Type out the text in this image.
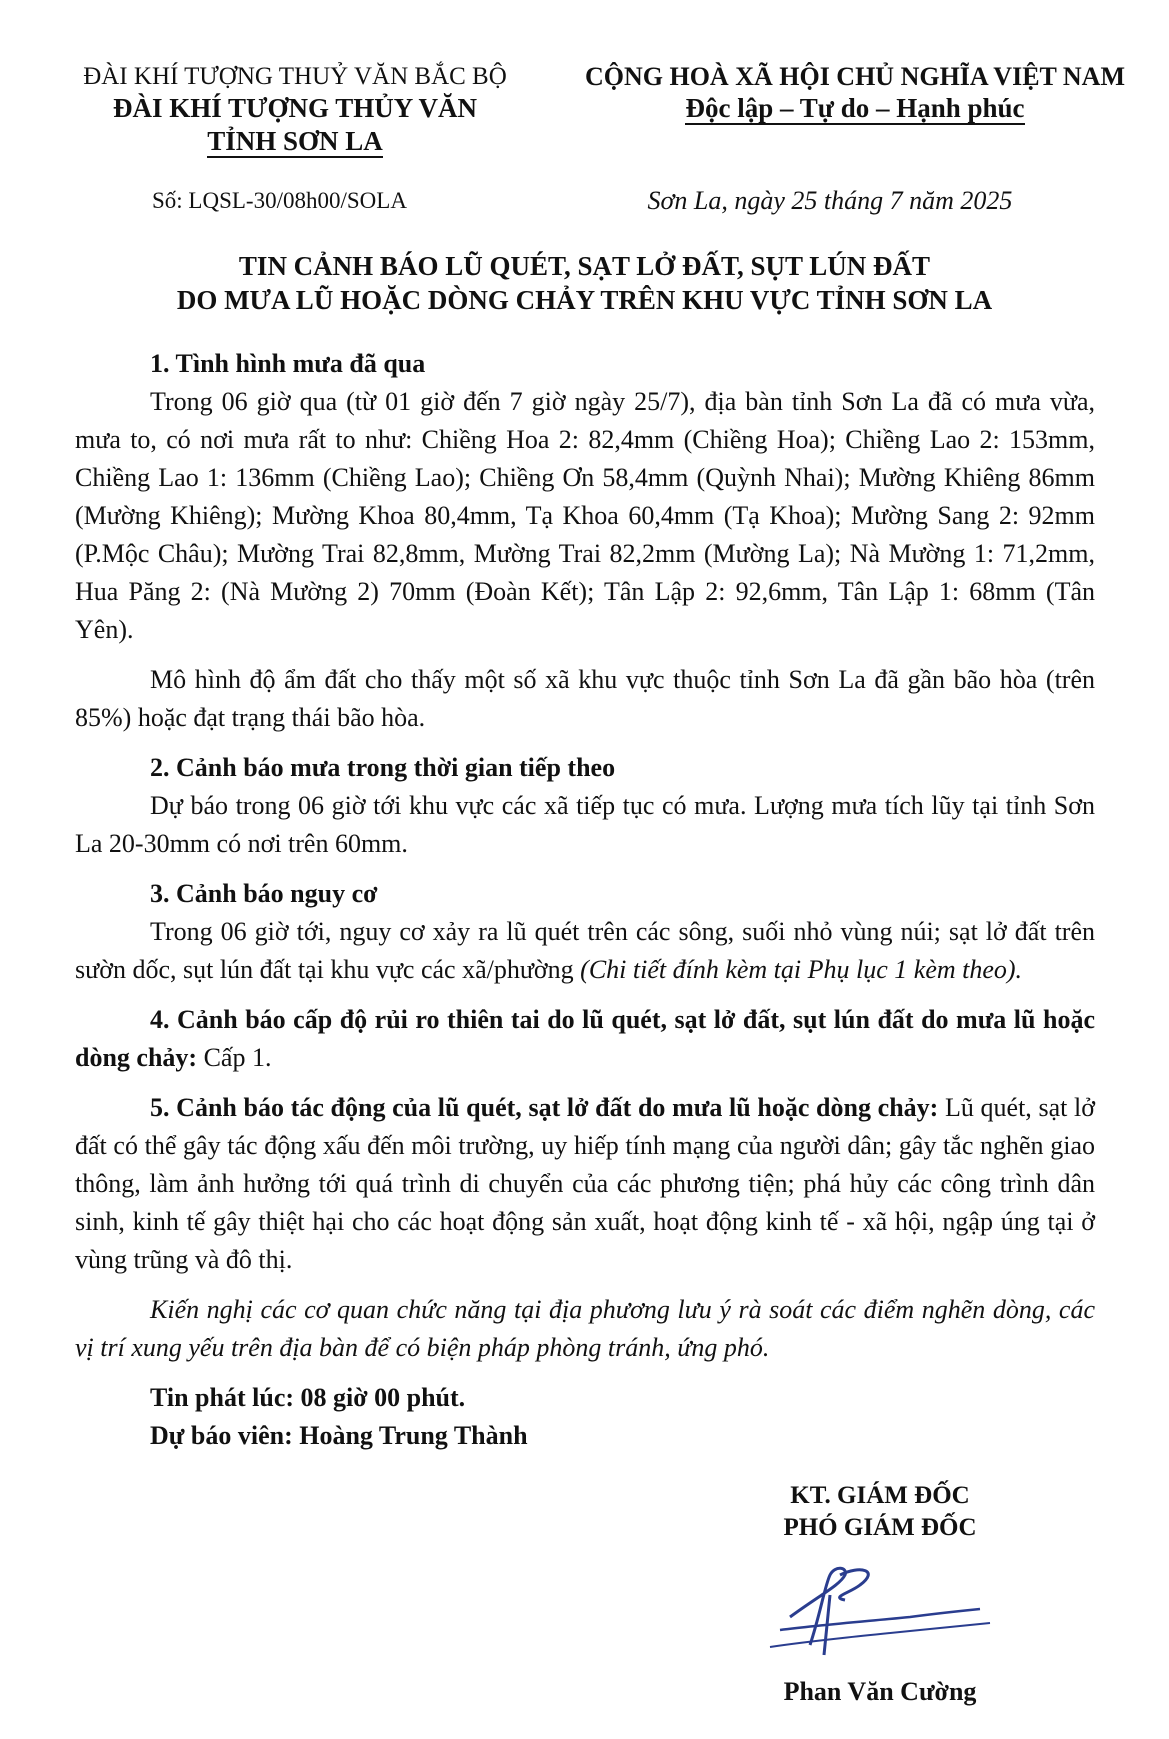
ĐÀI KHÍ TƯỢNG THUỶ VĂN BẮC BỘ
ĐÀI KHÍ TƯỢNG THỦY VĂN
TỈNH SƠN LA
CỘNG HOÀ XÃ HỘI CHỦ NGHĨA VIỆT NAM
Độc lập – Tự do – Hạnh phúc
Số: LQSL-30/08h00/SOLA	Sơn La, ngày 25 tháng 7 năm 2025
TIN CẢNH BÁO LŨ QUÉT, SẠT LỞ ĐẤT, SỤT LÚN ĐẤT
DO MƯA LŨ HOẶC DÒNG CHẢY TRÊN KHU VỰC TỈNH SƠN LA

1. Tình hình mưa đã qua

Trong 06 giờ qua (từ 01 giờ đến 7 giờ ngày 25/7), địa bàn tỉnh Sơn La đã có mưa vừa, mưa to, có nơi mưa rất to như: Chiềng Hoa 2: 82,4mm (Chiềng Hoa); Chiềng Lao 2: 153mm, Chiềng Lao 1: 136mm (Chiềng Lao); Chiềng Ơn 58,4mm (Quỳnh Nhai); Mường Khiêng 86mm (Mường Khiêng); Mường Khoa 80,4mm, Tạ Khoa 60,4mm (Tạ Khoa); Mường Sang 2: 92mm (P.Mộc Châu); Mường Trai 82,8mm, Mường Trai 82,2mm (Mường La); Nà Mường 1: 71,2mm, Hua Păng 2: (Nà Mường 2) 70mm (Đoàn Kết); Tân Lập 2: 92,6mm, Tân Lập 1: 68mm (Tân Yên).

Mô hình độ ẩm đất cho thấy một số xã khu vực thuộc tỉnh Sơn La đã gần bão hòa (trên 85%) hoặc đạt trạng thái bão hòa.

2. Cảnh báo mưa trong thời gian tiếp theo

Dự báo trong 06 giờ tới khu vực các xã tiếp tục có mưa. Lượng mưa tích lũy tại tỉnh Sơn La 20-30mm có nơi trên 60mm.

3. Cảnh báo nguy cơ

Trong 06 giờ tới, nguy cơ xảy ra lũ quét trên các sông, suối nhỏ vùng núi; sạt lở đất trên sườn dốc, sụt lún đất tại khu vực các xã/phường (Chi tiết đính kèm tại Phụ lục 1 kèm theo).

4. Cảnh báo cấp độ rủi ro thiên tai do lũ quét, sạt lở đất, sụt lún đất do mưa lũ hoặc dòng chảy: Cấp 1.

5. Cảnh báo tác động của lũ quét, sạt lở đất do mưa lũ hoặc dòng chảy: Lũ quét, sạt lở đất có thể gây tác động xấu đến môi trường, uy hiếp tính mạng của người dân; gây tắc nghẽn giao thông, làm ảnh hưởng tới quá trình di chuyển của các phương tiện; phá hủy các công trình dân sinh, kinh tế gây thiệt hại cho các hoạt động sản xuất, hoạt động kinh tế - xã hội, ngập úng tại ở vùng trũng và đô thị.

Kiến nghị các cơ quan chức năng tại địa phương lưu ý rà soát các điểm nghẽn dòng, các vị trí xung yếu trên địa bàn để có biện pháp phòng tránh, ứng phó.

Tin phát lúc: 08 giờ 00 phút.

Dự báo viên: Hoàng Trung Thành

KT. GIÁM ĐỐC
PHÓ GIÁM ĐỐC
Phan Văn Cường
